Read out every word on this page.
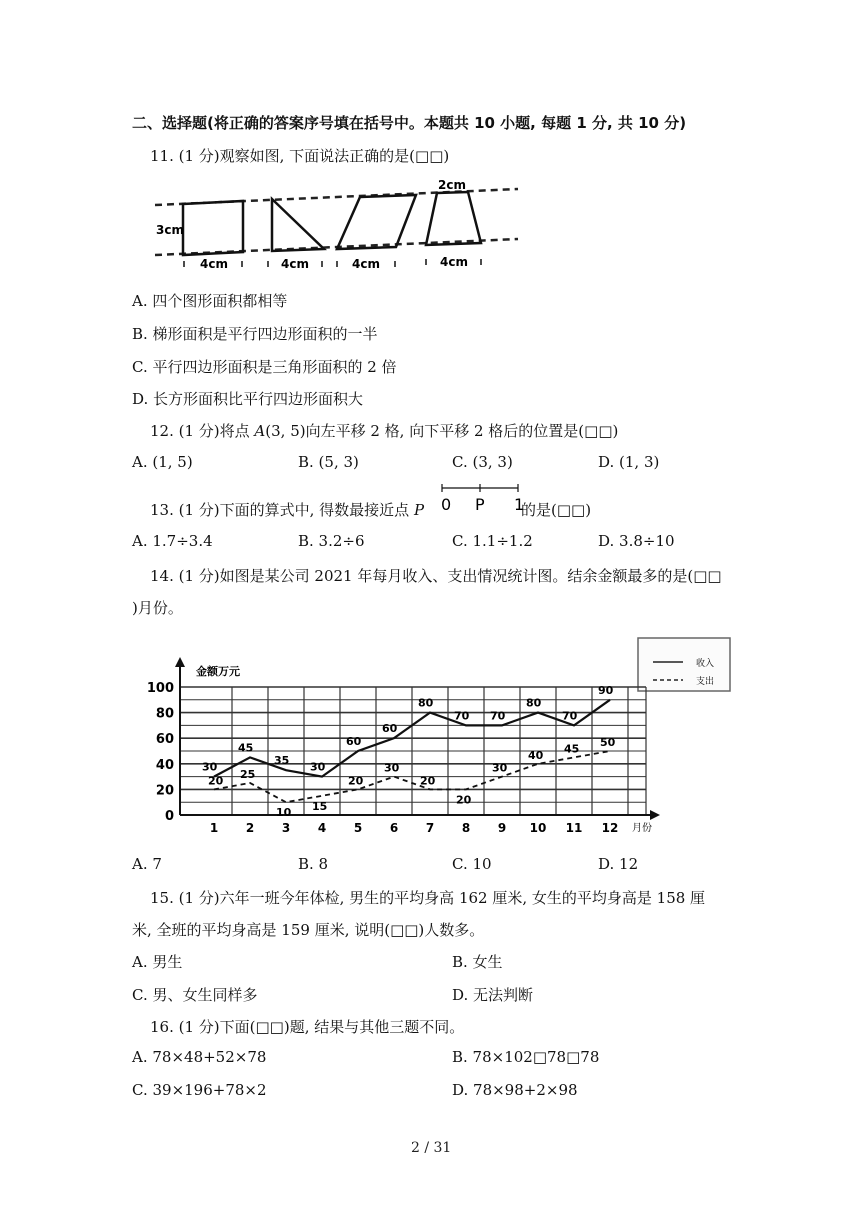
二、选择题(将正确的答案序号填在括号中。本题共 10 小题, 每题 1 分, 共 10 分)
11. (1 分)观察如图, 下面说法正确的是(□□)
3cm
2cm
4cm	4cm	4cm	4cm
A. 四个图形面积都相等
B. 梯形面积是平行四边形面积的一半
C. 平行四边形面积是三角形面积的 2 倍
D. 长方形面积比平行四边形面积大
12. (1 分)将点 A(3, 5)向左平移 2 格, 向下平移 2 格后的位置是(□□)
A. (1, 5)	B. (5, 3)	C. (3, 3)	D. (1, 3)
13. (1 分)下面的算式中, 得数最接近点 P 0 P 1
的是(□□)
A. 1.7÷3.4	B. 3.2÷6	C. 1.1÷1.2	D. 3.8÷10
14. (1 分)如图是某公司 2021 年每月收入、支出情况统计图。结余金额最多的是(□□
)月份。
收入
支出
金额万元
月份
0
20
40
60
80
100
1 2 3 4 5 6 7 8 9 10 11 12
30
45
35 30
60
60
80
70 70
80
70
90
20 25
10 15
20
30
20
20
30
40 45 50
A. 7	B. 8	C. 10	D. 12
15. (1 分)六年一班今年体检, 男生的平均身高 162 厘米, 女生的平均身高是 158 厘
米, 全班的平均身高是 159 厘米, 说明(□□)人数多。
A. 男生	B. 女生
C. 男、女生同样多	D. 无法判断
16. (1 分)下面(□□)题, 结果与其他三题不同。
A. 78×48+52×78	B. 78×102□78□78
C. 39×196+78×2	D. 78×98+2×98
2 / 31
